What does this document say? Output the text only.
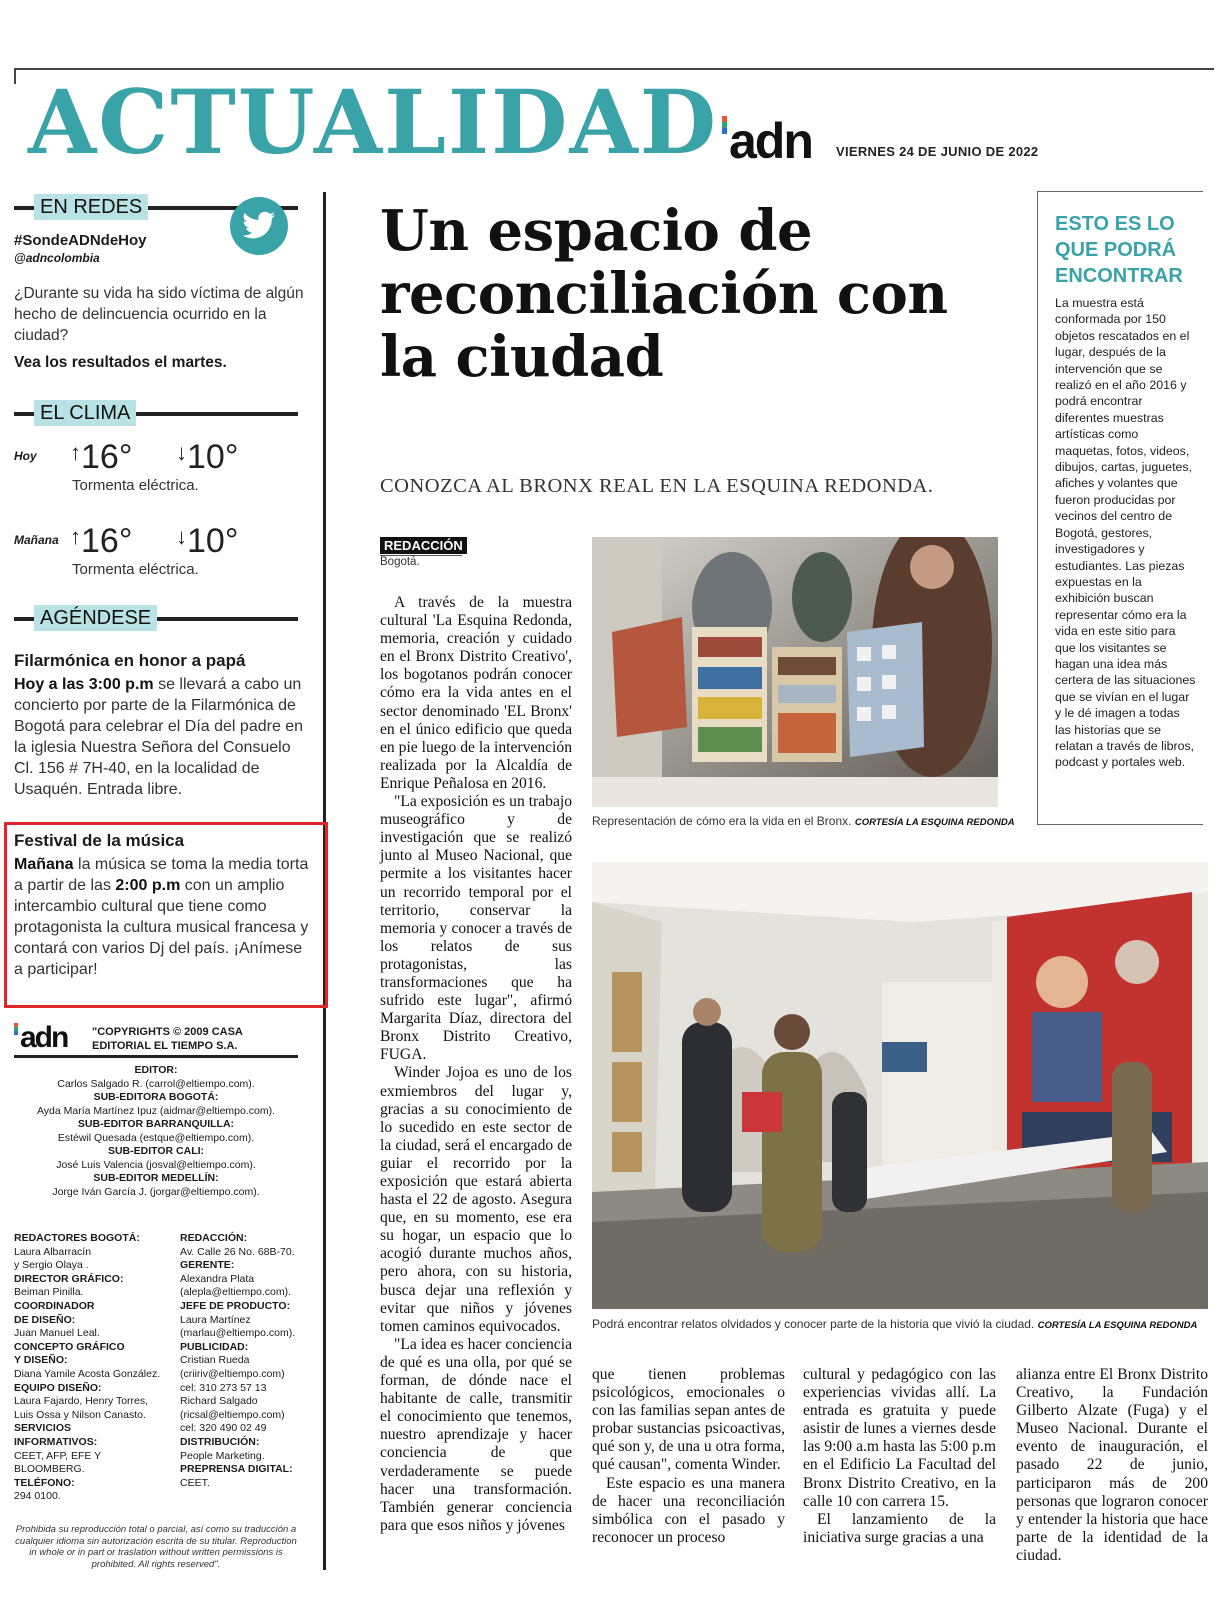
ACTUALIDAD adn VIERNES 24 DE JUNIO DE 2022
EN REDES
#SondeADNdeHoy
@adncolombia
¿Durante su vida ha sido víctima de algún hecho de delincuencia ocurrido en la ciudad?
Vea los resultados el martes.
EL CLIMA
Hoy ↑16° ↓10°
Tormenta eléctrica.
Mañana ↑16° ↓10°
Tormenta eléctrica.
AGÉNDESE
Filarmónica en honor a papá
Hoy a las 3:00 p.m se llevará a cabo un concierto por parte de la Filarmónica de Bogotá para celebrar el Día del padre en la iglesia Nuestra Señora del Consuelo Cl. 156 # 7H-40, en la localidad de Usaquén. Entrada libre.
Festival de la música
Mañana la música se toma la media torta a partir de las 2:00 p.m con un amplio intercambio cultural que tiene como protagonista la cultura musical francesa y contará con varios Dj del país. ¡Anímese a participar!
adn "COPYRIGHTS © 2009 CASA EDITORIAL EL TIEMPO S.A.
EDITOR:
Carlos Salgado R. (carrol@eltiempo.com).
SUB-EDITORA BOGOTÁ:
Ayda María Martínez Ipuz (aidmar@eltiempo.com).
SUB-EDITOR BARRANQUILLA:
Estéwil Quesada (estque@eltiempo.com).
SUB-EDITOR CALI:
José Luis Valencia (josval@eltiempo.com).
SUB-EDITOR MEDELLÍN:
Jorge Iván García J. (jorgar@eltiempo.com).
REDACTORES BOGOTÁ:
Laura Albarracín
y Sergio Olaya .
DIRECTOR GRÁFICO:
Beiman Pinilla.
COORDINADOR
DE DISEÑO:
Juan Manuel Leal.
CONCEPTO GRÁFICO
Y DISEÑO:
Diana Yamile Acosta González.
EQUIPO DISEÑO:
Laura Fajardo, Henry Torres,
Luis Ossa y Nilson Canasto.
SERVICIOS
INFORMATIVOS:
CEET, AFP, EFE Y BLOOMBERG.
TELÉFONO:
294 0100.
REDACCIÓN:
Av. Calle 26 No. 68B-70.
GERENTE:
Alexandra Plata
(alepla@eltiempo.com).
JEFE DE PRODUCTO:
Laura Martínez
(marlau@eltiempo.com).
PUBLICIDAD:
Cristian Rueda
(criiriv@eltiempo.com)
cel: 310 273 57 13
Richard Salgado
(ricsal@eltiempo.com)
cel: 320 490 02 49
DISTRIBUCIÓN:
People Marketing.
PREPRENSA DIGITAL:
CEET.
Prohibida su reproducción total o parcial, así como su traducción a cualquier idioma sin autorización escrita de su titular. Reproduction in whole or in part or traslation without written permissions is prohibited. All rights reserved".
Un espacio de reconciliación con la ciudad
CONOZCA AL BRONX REAL EN LA ESQUINA REDONDA.
REDACCIÓN
Bogotá.

A través de la muestra cultural 'La Esquina Redonda, memoria, creación y cuidado en el Bronx Distrito Creativo', los bogotanos podrán conocer cómo era la vida antes en el sector denominado 'EL Bronx' en el único edificio que queda en pie luego de la intervención realizada por la Alcaldía de Enrique Peñalosa en 2016.

"La exposición es un trabajo museográfico y de investigación que se realizó junto al Museo Nacional, que permite a los visitantes hacer un recorrido temporal por el territorio, conservar la memoria y conocer a través de los relatos de sus protagonistas, las transformaciones que ha sufrido este lugar", afirmó Margarita Díaz, directora del Bronx Distrito Creativo, FUGA.

Winder Jojoa es uno de los exmiembros del lugar y, gracias a su conocimiento de lo sucedido en este sector de la ciudad, será el encargado de guiar el recorrido por la exposición que estará abierta hasta el 22 de agosto. Asegura que, en su momento, ese era su hogar, un espacio que lo acogió durante muchos años, pero ahora, con su historia, busca dejar una reflexión y evitar que niños y jóvenes tomen caminos equivocados.

"La idea es hacer conciencia de qué es una olla, por qué se forman, de dónde nace el habitante de calle, transmitir el conocimiento que tenemos, nuestro aprendizaje y hacer conciencia de que verdaderamente se puede hacer una transformación. También generar conciencia para que esos niños y jóvenes

que tienen problemas psicológicos, emocionales o con las familias sepan antes de probar sustancias psicoactivas, qué son y, de una u otra forma, qué causan", comenta Winder.

Este espacio es una manera de hacer una reconciliación simbólica con el pasado y reconocer un proceso

cultural y pedagógico con las experiencias vividas allí. La entrada es gratuita y puede asistir de lunes a viernes desde las 9:00 a.m hasta las 5:00 p.m en el Edificio La Facultad del Bronx Distrito Creativo, en la calle 10 con carrera 15.

El lanzamiento de la iniciativa surge gracias a una

alianza entre El Bronx Distrito Creativo, la Fundación Gilberto Alzate (Fuga) y el Museo Nacional. Durante el evento de inauguración, el pasado 22 de junio, participaron más de 200 personas que lograron conocer y entender la historia que hace parte de la identidad de la ciudad.

Representación de cómo era la vida en el Bronx. CORTESÍA LA ESQUINA REDONDA
Podrá encontrar relatos olvidados y conocer parte de la historia que vivió la ciudad. CORTESÍA LA ESQUINA REDONDA
ESTO ES LO QUE PODRÁ ENCONTRAR
La muestra está conformada por 150 objetos rescatados en el lugar, después de la intervención que se realizó en el año 2016 y podrá encontrar diferentes muestras artísticas como maquetas, fotos, videos, dibujos, cartas, juguetes, afiches y volantes que fueron producidas por vecinos del centro de Bogotá, gestores, investigadores y estudiantes. Las piezas expuestas en la exhibición buscan representar cómo era la vida en este sitio para que los visitantes se hagan una idea más certera de las situaciones que se vivían en el lugar y le dé imagen a todas las historias que se relatan a través de libros, podcast y portales web.
